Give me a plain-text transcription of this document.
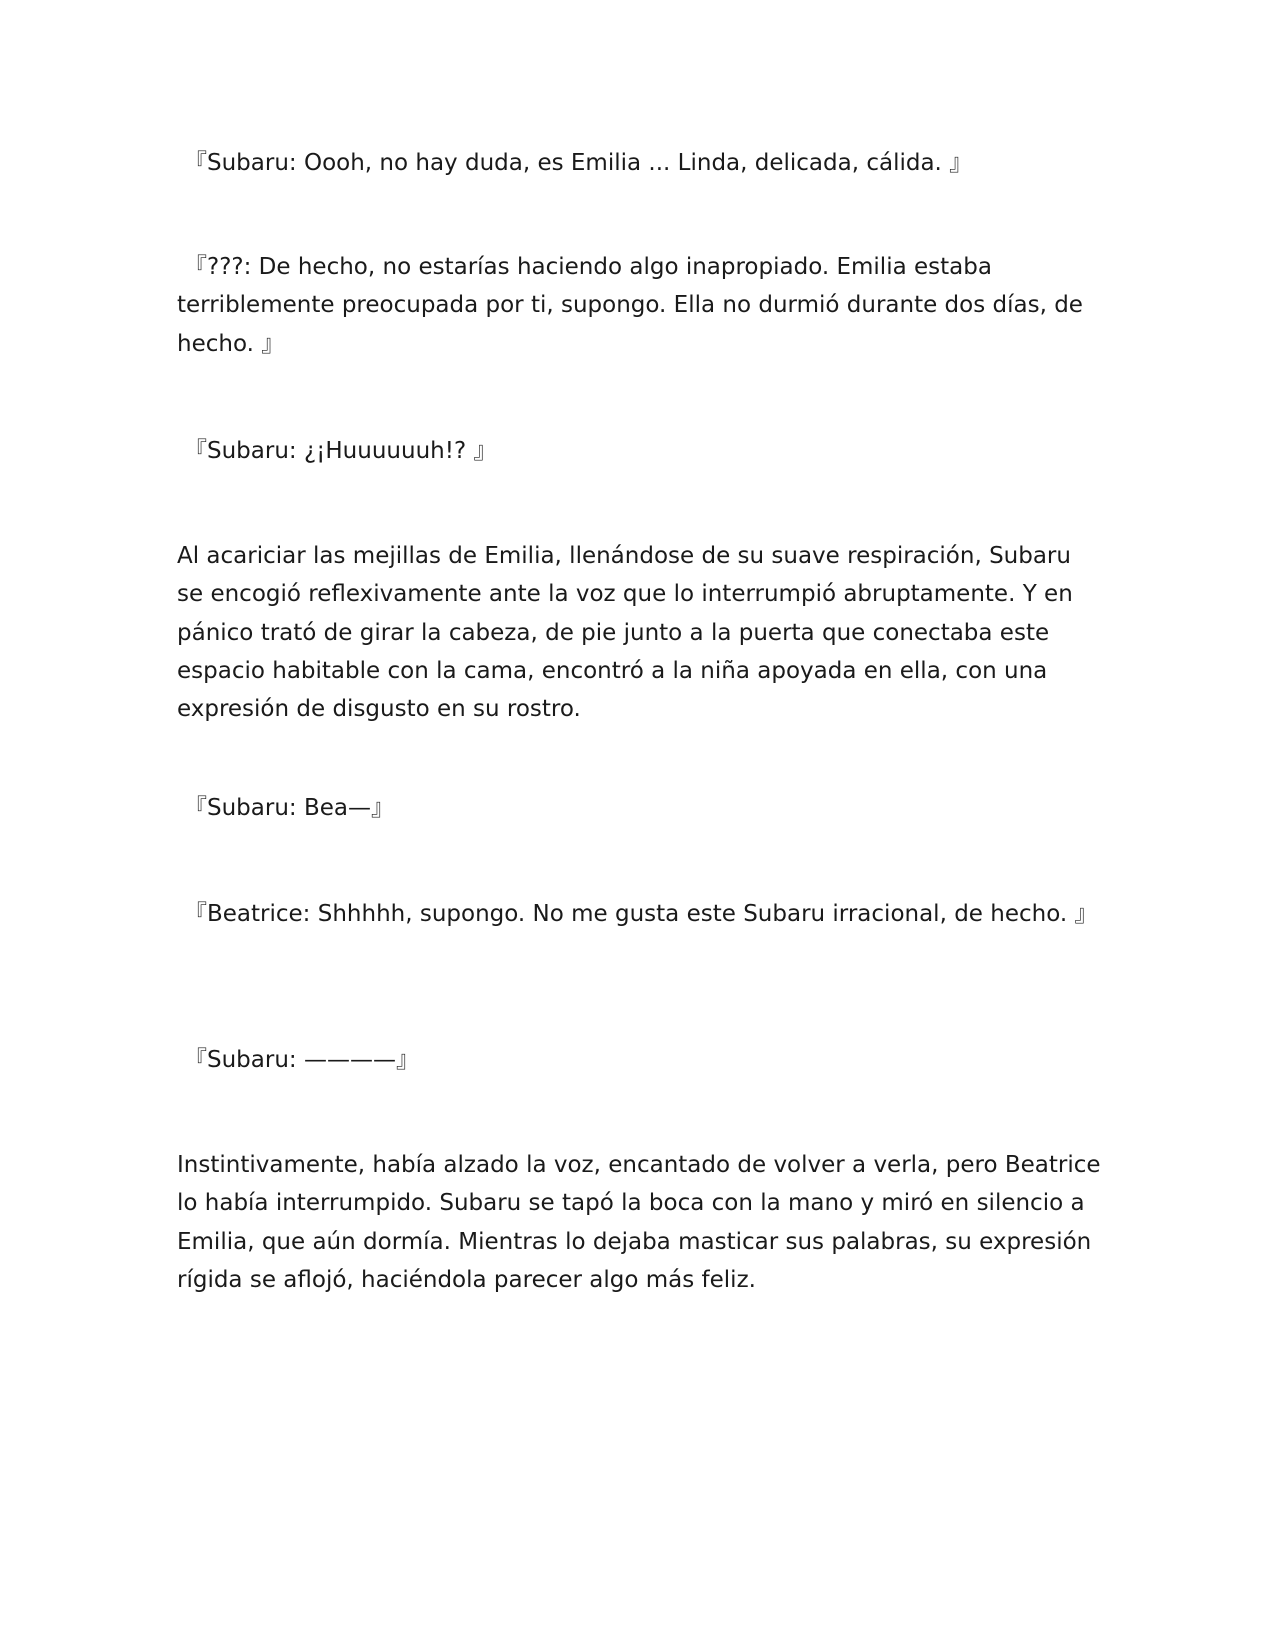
『Subaru: Oooh, no hay duda, es Emilia ... Linda, delicada, cálida. 』

『???: De hecho, no estarías haciendo algo inapropiado. Emilia estaba terriblemente preocupada por ti, supongo. Ella no durmió durante dos días, de hecho. 』

『Subaru: ¿¡Huuuuuuh!? 』

Al acariciar las mejillas de Emilia, llenándose de su suave respiración, Subaru se encogió reflexivamente ante la voz que lo interrumpió abruptamente. Y en pánico trató de girar la cabeza, de pie junto a la puerta que conectaba este espacio habitable con la cama, encontró a la niña apoyada en ella, con una expresión de disgusto en su rostro.

『Subaru: Bea—』

『Beatrice: Shhhhh, supongo. No me gusta este Subaru irracional, de hecho. 』

『Subaru: ————』

Instintivamente, había alzado la voz, encantado de volver a verla, pero Beatrice lo había interrumpido. Subaru se tapó la boca con la mano y miró en silencio a Emilia, que aún dormía. Mientras lo dejaba masticar sus palabras, su expresión rígida se aflojó, haciéndola parecer algo más feliz.
